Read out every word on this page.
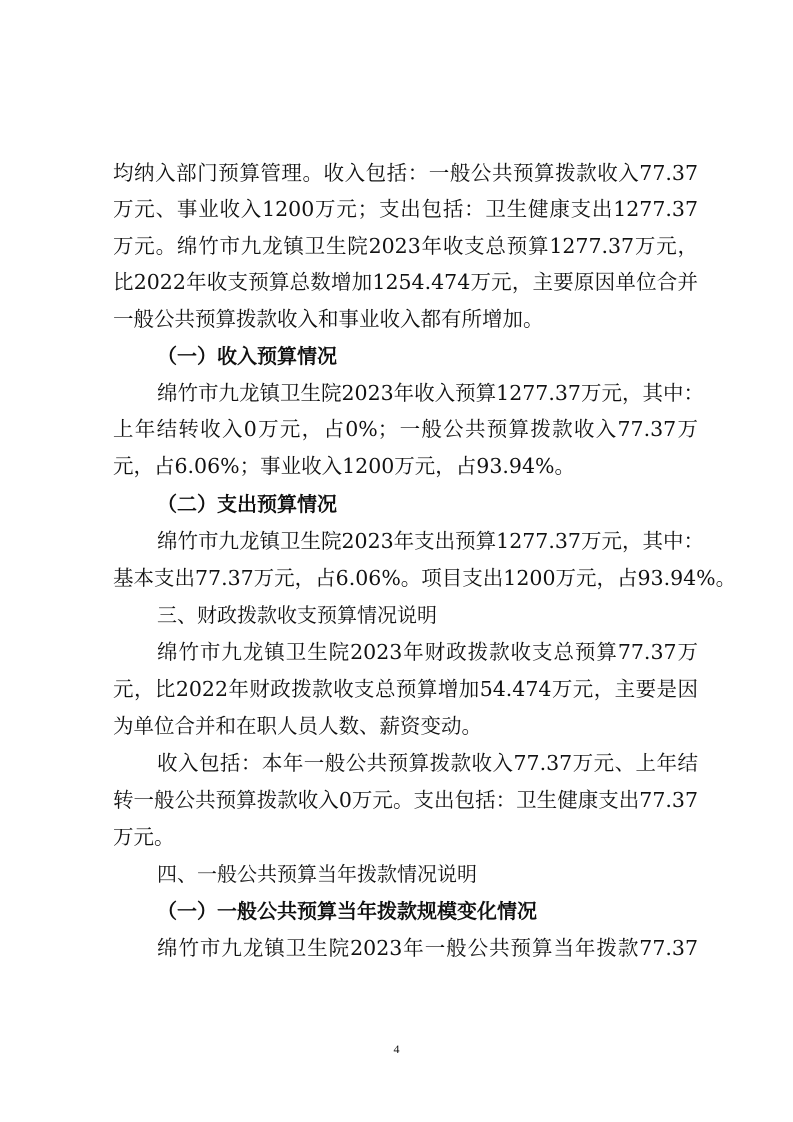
均纳入部门预算管理。收入包括：一般公共预算拨款收入77.37
万元、事业收入1200万元；支出包括：卫生健康支出1277.37
万元。绵竹市九龙镇卫生院2023年收支总预算1277.37万元，
比2022年收支预算总数增加1254.474万元，主要原因单位合并
一般公共预算拨款收入和事业收入都有所增加。
（一）收入预算情况
绵竹市九龙镇卫生院2023年收入预算1277.37万元，其中：
上年结转收入0万元，占0%；一般公共预算拨款收入77.37万
元，占6.06%；事业收入1200万元，占93.94%。
（二）支出预算情况
绵竹市九龙镇卫生院2023年支出预算1277.37万元，其中：
基本支出77.37万元，占6.06%。项目支出1200万元，占93.94%。
三、财政拨款收支预算情况说明
绵竹市九龙镇卫生院2023年财政拨款收支总预算77.37万
元，比2022年财政拨款收支总预算增加54.474万元，主要是因
为单位合并和在职人员人数、薪资变动。
收入包括：本年一般公共预算拨款收入77.37万元、上年结
转一般公共预算拨款收入0万元。支出包括：卫生健康支出77.37
万元。
四、一般公共预算当年拨款情况说明
（一）一般公共预算当年拨款规模变化情况
绵竹市九龙镇卫生院2023年一般公共预算当年拨款77.37
4
